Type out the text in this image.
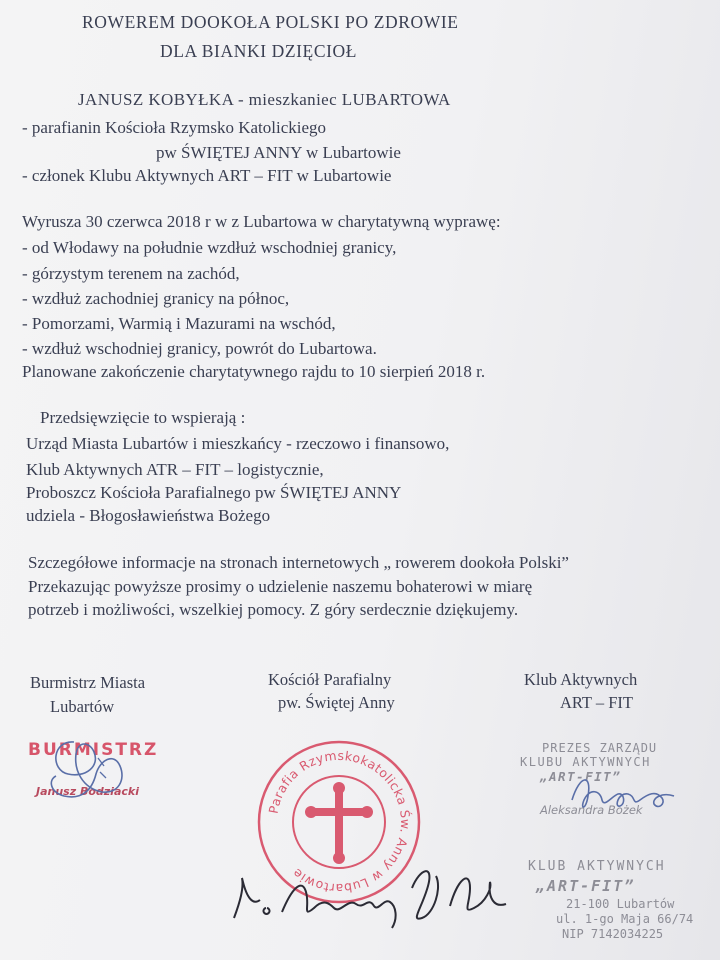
ROWEREM DOOKOŁA POLSKI PO ZDROWIE
DLA BIANKI DZIĘCIOŁ
JANUSZ KOBYŁKA - mieszkaniec LUBARTOWA
- parafianin Kościoła Rzymsko Katolickiego
pw ŚWIĘTEJ ANNY w Lubartowie
- członek Klubu Aktywnych ART – FIT w Lubartowie
Wyrusza 30 czerwca 2018 r w z Lubartowa w charytatywną wyprawę:
- od Włodawy na południe wzdłuż wschodniej granicy,
- górzystym terenem na zachód,
- wzdłuż zachodniej granicy na północ,
- Pomorzami, Warmią i Mazurami na wschód,
- wzdłuż wschodniej granicy, powrót do Lubartowa.
Planowane zakończenie charytatywnego rajdu to 10 sierpień 2018 r.
Przedsięwzięcie to wspierają :
Urząd Miasta Lubartów i mieszkańcy - rzeczowo i finansowo,
Klub Aktywnych ATR – FIT – logistycznie,
Proboszcz Kościoła Parafialnego pw ŚWIĘTEJ ANNY
udziela - Błogosławieństwa Bożego
Szczegółowe informacje na stronach internetowych „ rowerem dookoła Polski”
Przekazując powyższe prosimy o udzielenie naszemu bohaterowi w miarę
potrzeb i możliwości, wszelkiej pomocy. Z góry serdecznie dziękujemy.
Burmistrz Miasta
Lubartów
Kościół Parafialny
pw. Świętej Anny
Klub Aktywnych
ART – FIT
BURMISTRZ
Janusz Bodziacki
Parafia Rzymskokatolicka Św. Anny w Lubartowie
PREZES ZARZĄDU
KLUBU AKTYWNYCH
„ART-FIT”
Aleksandra Bożek
KLUB AKTYWNYCH
„ART-FIT”
21-100 Lubartów
ul. 1-go Maja 66/74
NIP 7142034225
